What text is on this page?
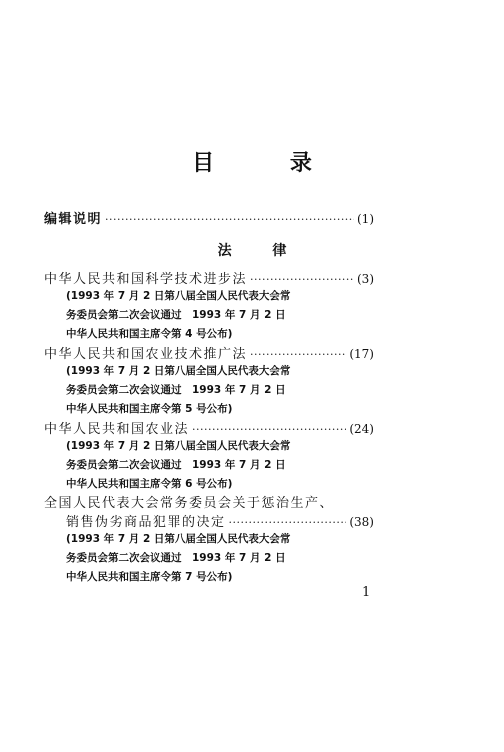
目 录
编辑说明 ·····	(1)
法 律
中华人民共和国科学技术进步法 ·····	(3)
(1993 年 7 月 2 日第八届全国人民代表大会常
务委员会第二次会议通过　1993 年 7 月 2 日
中华人民共和国主席令第 4 号公布)
中华人民共和国农业技术推广法 ·····	(17)
(1993 年 7 月 2 日第八届全国人民代表大会常
务委员会第二次会议通过　1993 年 7 月 2 日
中华人民共和国主席令第 5 号公布)
中华人民共和国农业法 ·····	(24)
(1993 年 7 月 2 日第八届全国人民代表大会常
务委员会第二次会议通过　1993 年 7 月 2 日
中华人民共和国主席令第 6 号公布)
全国人民代表大会常务委员会关于惩治生产、
销售伪劣商品犯罪的决定 ·····	(38)
(1993 年 7 月 2 日第八届全国人民代表大会常
务委员会第二次会议通过　1993 年 7 月 2 日
中华人民共和国主席令第 7 号公布)
1
